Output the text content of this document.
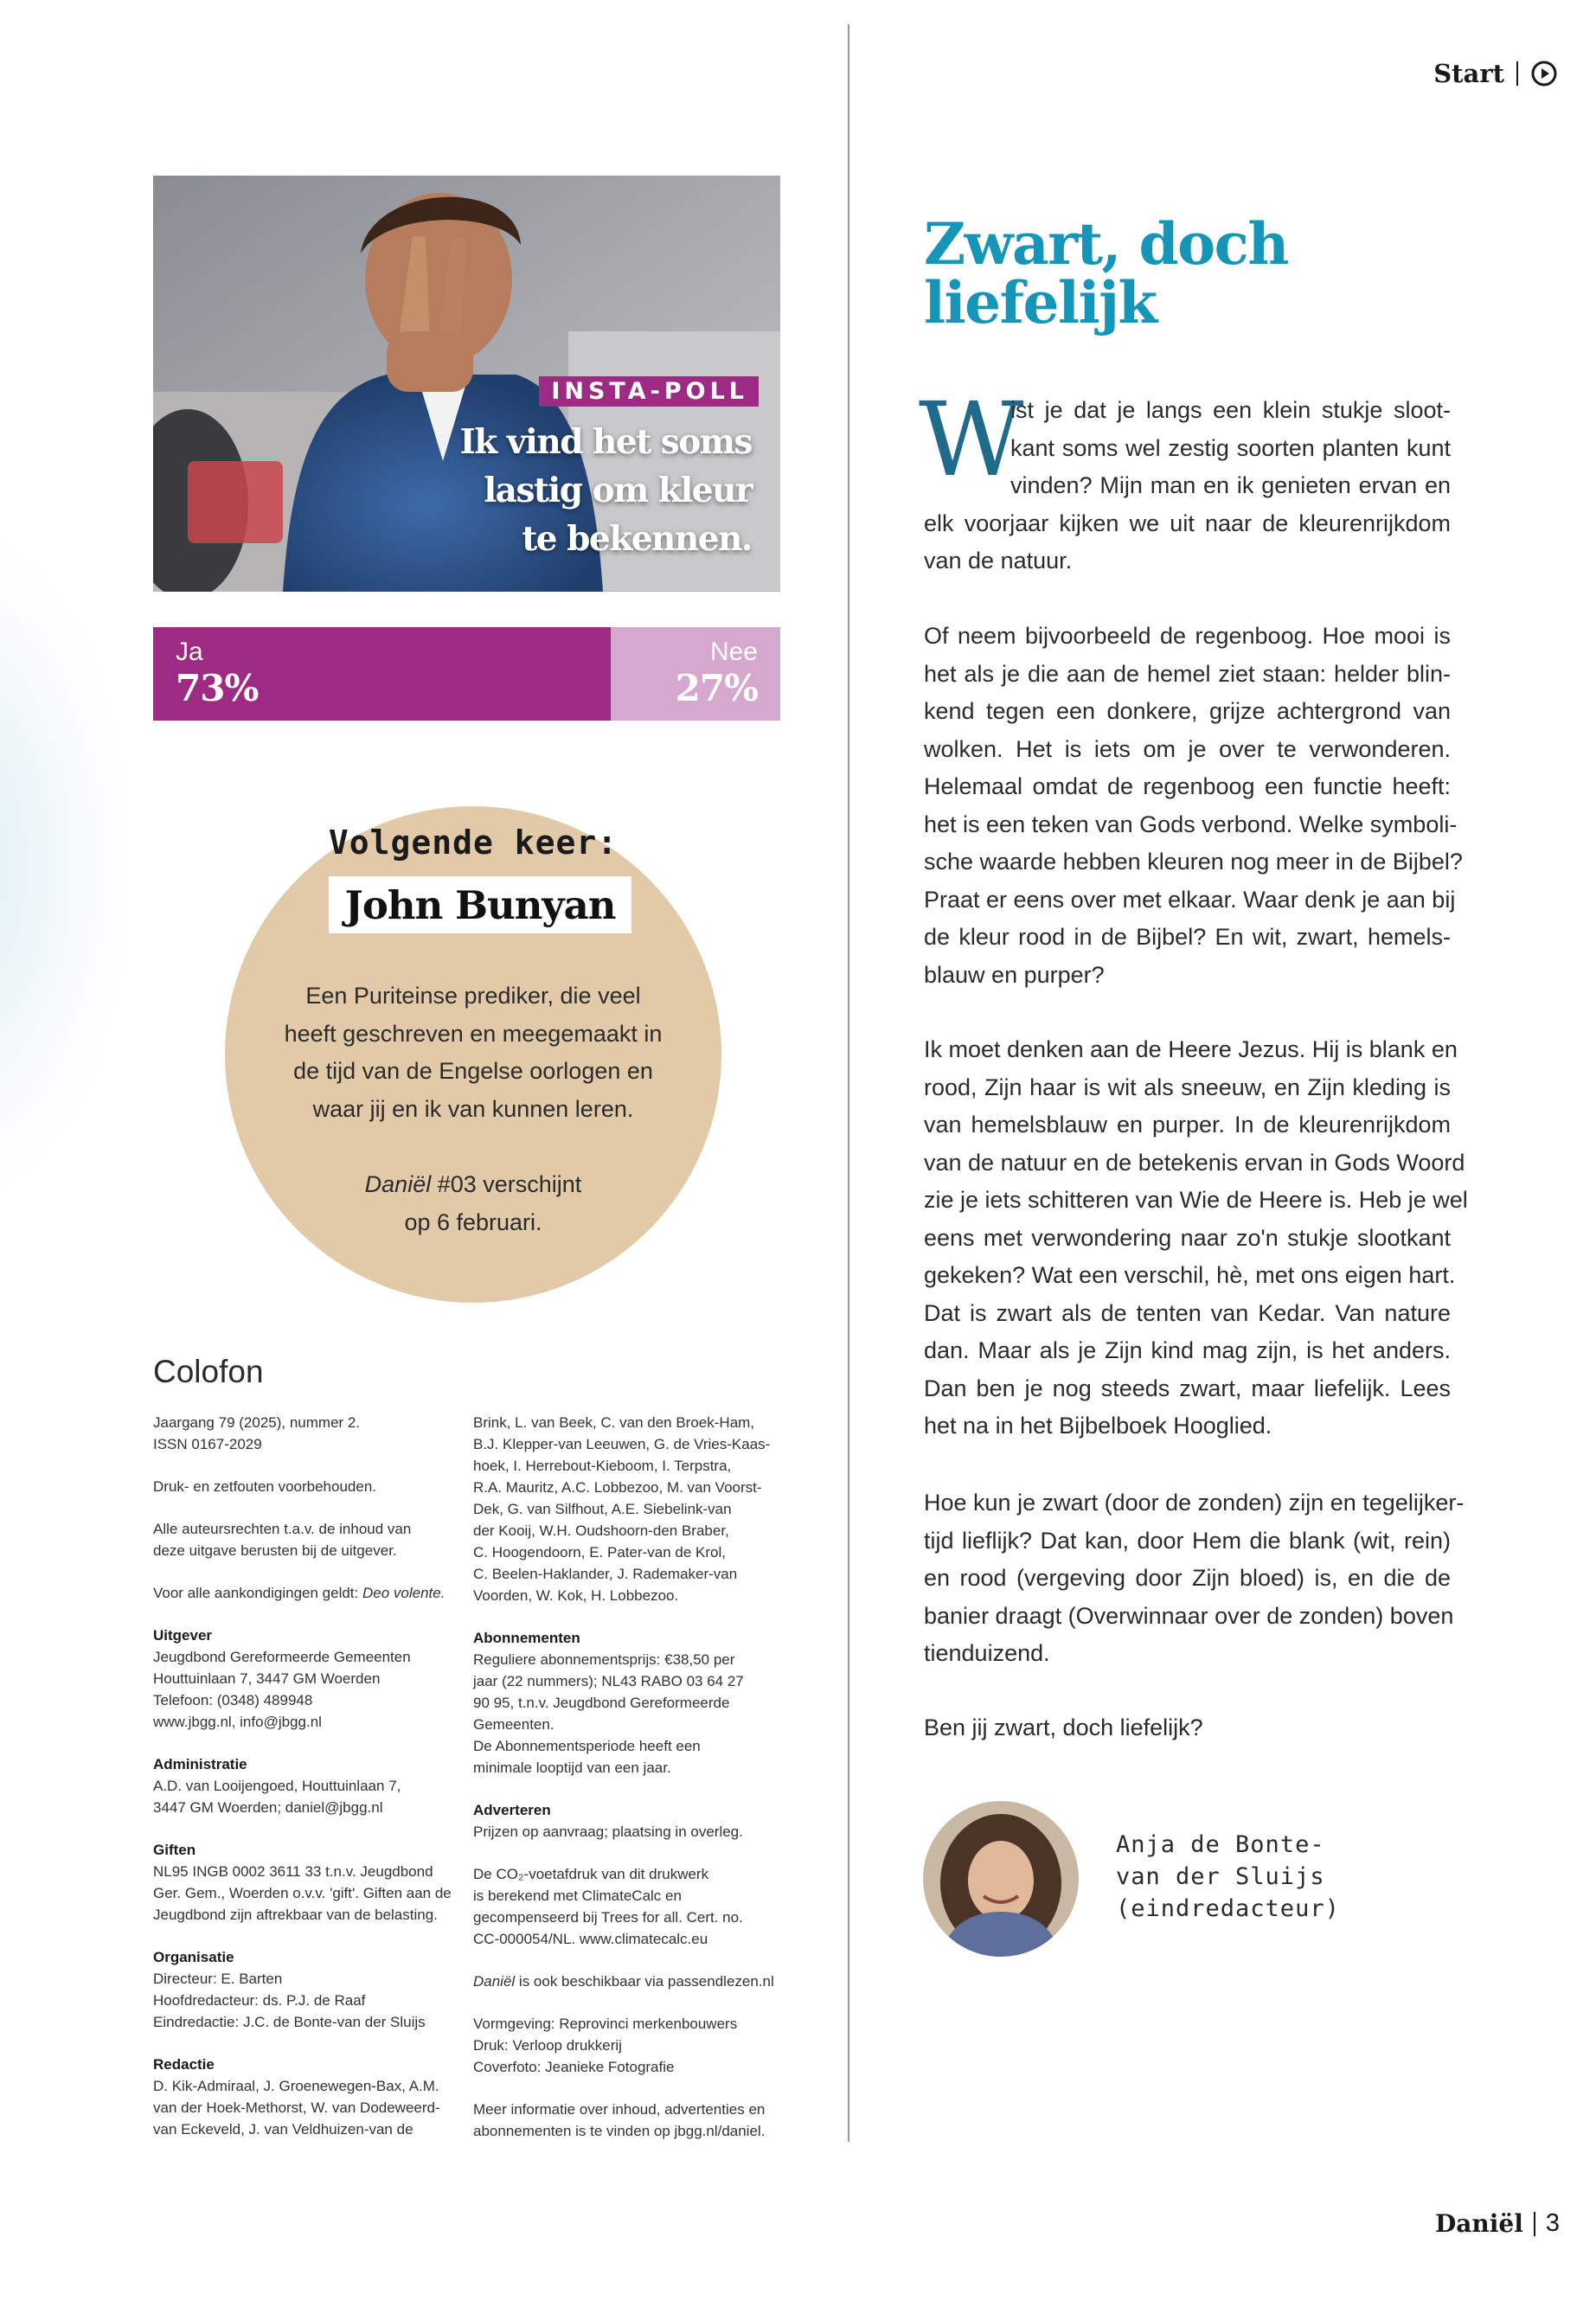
Start
INSTA-POLL
Ik vind het soms
lastig om kleur
te bekennen.
Ja
73%
Nee
27%
Volgende keer:
John Bunyan
Een Puriteinse prediker, die veel
heeft geschreven en meegemaakt in
de tijd van de Engelse oorlogen en
waar jij en ik van kunnen leren.
Daniël #03 verschijnt
op 6 februari.
Colofon

Jaargang 79 (2025), nummer 2.
ISSN 0167-2029

Druk- en zetfouten voorbehouden.

Alle auteursrechten t.a.v. de inhoud van
deze uitgave berusten bij de uitgever.

Voor alle aankondigingen geldt: Deo volente.

Uitgever
Jeugdbond Gereformeerde Gemeenten
Houttuinlaan 7, 3447 GM Woerden
Telefoon: (0348) 489948
www.jbgg.nl, info@jbgg.nl

Administratie
A.D. van Looijengoed, Houttuinlaan 7,
3447 GM Woerden; daniel@jbgg.nl

Giften
NL95 INGB 0002 3611 33 t.n.v. Jeugdbond
Ger. Gem., Woerden o.v.v. 'gift'. Giften aan de
Jeugdbond zijn aftrekbaar van de belasting.

Organisatie
Directeur: E. Barten
Hoofdredacteur: ds. P.J. de Raaf
Eindredactie: J.C. de Bonte-van der Sluijs

Redactie
D. Kik-Admiraal, J. Groenewegen-Bax, A.M.
van der Hoek-Methorst, W. van Dodeweerd-
van Eckeveld, J. van Veldhuizen-van de

Brink, L. van Beek, C. van den Broek-Ham,
B.J. Klepper-van Leeuwen, G. de Vries-Kaas-
hoek, I. Herrebout-Kieboom, I. Terpstra,
R.A. Mauritz, A.C. Lobbezoo, M. van Voorst-
Dek, G. van Silfhout, A.E. Siebelink-van
der Kooij, W.H. Oudshoorn-den Braber,
C. Hoogendoorn, E. Pater-van de Krol,
C. Beelen-Haklander, J. Rademaker-van
Voorden, W. Kok, H. Lobbezoo.

Abonnementen
Reguliere abonnementsprijs: €38,50 per
jaar (22 nummers); NL43 RABO 03 64 27
90 95, t.n.v. Jeugdbond Gereformeerde
Gemeenten.
De Abonnementsperiode heeft een
minimale looptijd van een jaar.

Adverteren
Prijzen op aanvraag; plaatsing in overleg.

De CO₂-voetafdruk van dit drukwerk
is berekend met ClimateCalc en
gecompenseerd bij Trees for all. Cert. no.
CC-000054/NL. www.climatecalc.eu

Daniël is ook beschikbaar via passendlezen.nl

Vormgeving: Reprovinci merkenbouwers
Druk: Verloop drukkerij
Coverfoto: Jeanieke Fotografie

Meer informatie over inhoud, advertenties en
abonnementen is te vinden op jbgg.nl/daniel.

Zwart, doch
liefelijk
W
ist je dat je langs een klein stukje sloot-
kant soms wel zestig soorten planten kunt
vinden? Mijn man en ik genieten ervan en
elk voorjaar kijken we uit naar de kleurenrijkdom
van de natuur.
Of neem bijvoorbeeld de regenboog. Hoe mooi is
het als je die aan de hemel ziet staan: helder blin-
kend tegen een donkere, grijze achtergrond van
wolken. Het is iets om je over te verwonderen.
Helemaal omdat de regenboog een functie heeft:
het is een teken van Gods verbond. Welke symboli-
sche waarde hebben kleuren nog meer in de Bijbel?
Praat er eens over met elkaar. Waar denk je aan bij
de kleur rood in de Bijbel? En wit, zwart, hemels-
blauw en purper?
Ik moet denken aan de Heere Jezus. Hij is blank en
rood, Zijn haar is wit als sneeuw, en Zijn kleding is
van hemelsblauw en purper. In de kleurenrijkdom
van de natuur en de betekenis ervan in Gods Woord
zie je iets schitteren van Wie de Heere is. Heb je wel
eens met verwondering naar zo'n stukje slootkant
gekeken? Wat een verschil, hè, met ons eigen hart.
Dat is zwart als de tenten van Kedar. Van nature
dan. Maar als je Zijn kind mag zijn, is het anders.
Dan ben je nog steeds zwart, maar liefelijk. Lees
het na in het Bijbelboek Hooglied.
Hoe kun je zwart (door de zonden) zijn en tegelijker-
tijd lieflijk? Dat kan, door Hem die blank (wit, rein)
en rood (vergeving door Zijn bloed) is, en die de
banier draagt (Overwinnaar over de zonden) boven
tienduizend.
Ben jij zwart, doch liefelijk?
Anja de Bonte-
van der Sluijs
(eindredacteur)
Daniël 3
